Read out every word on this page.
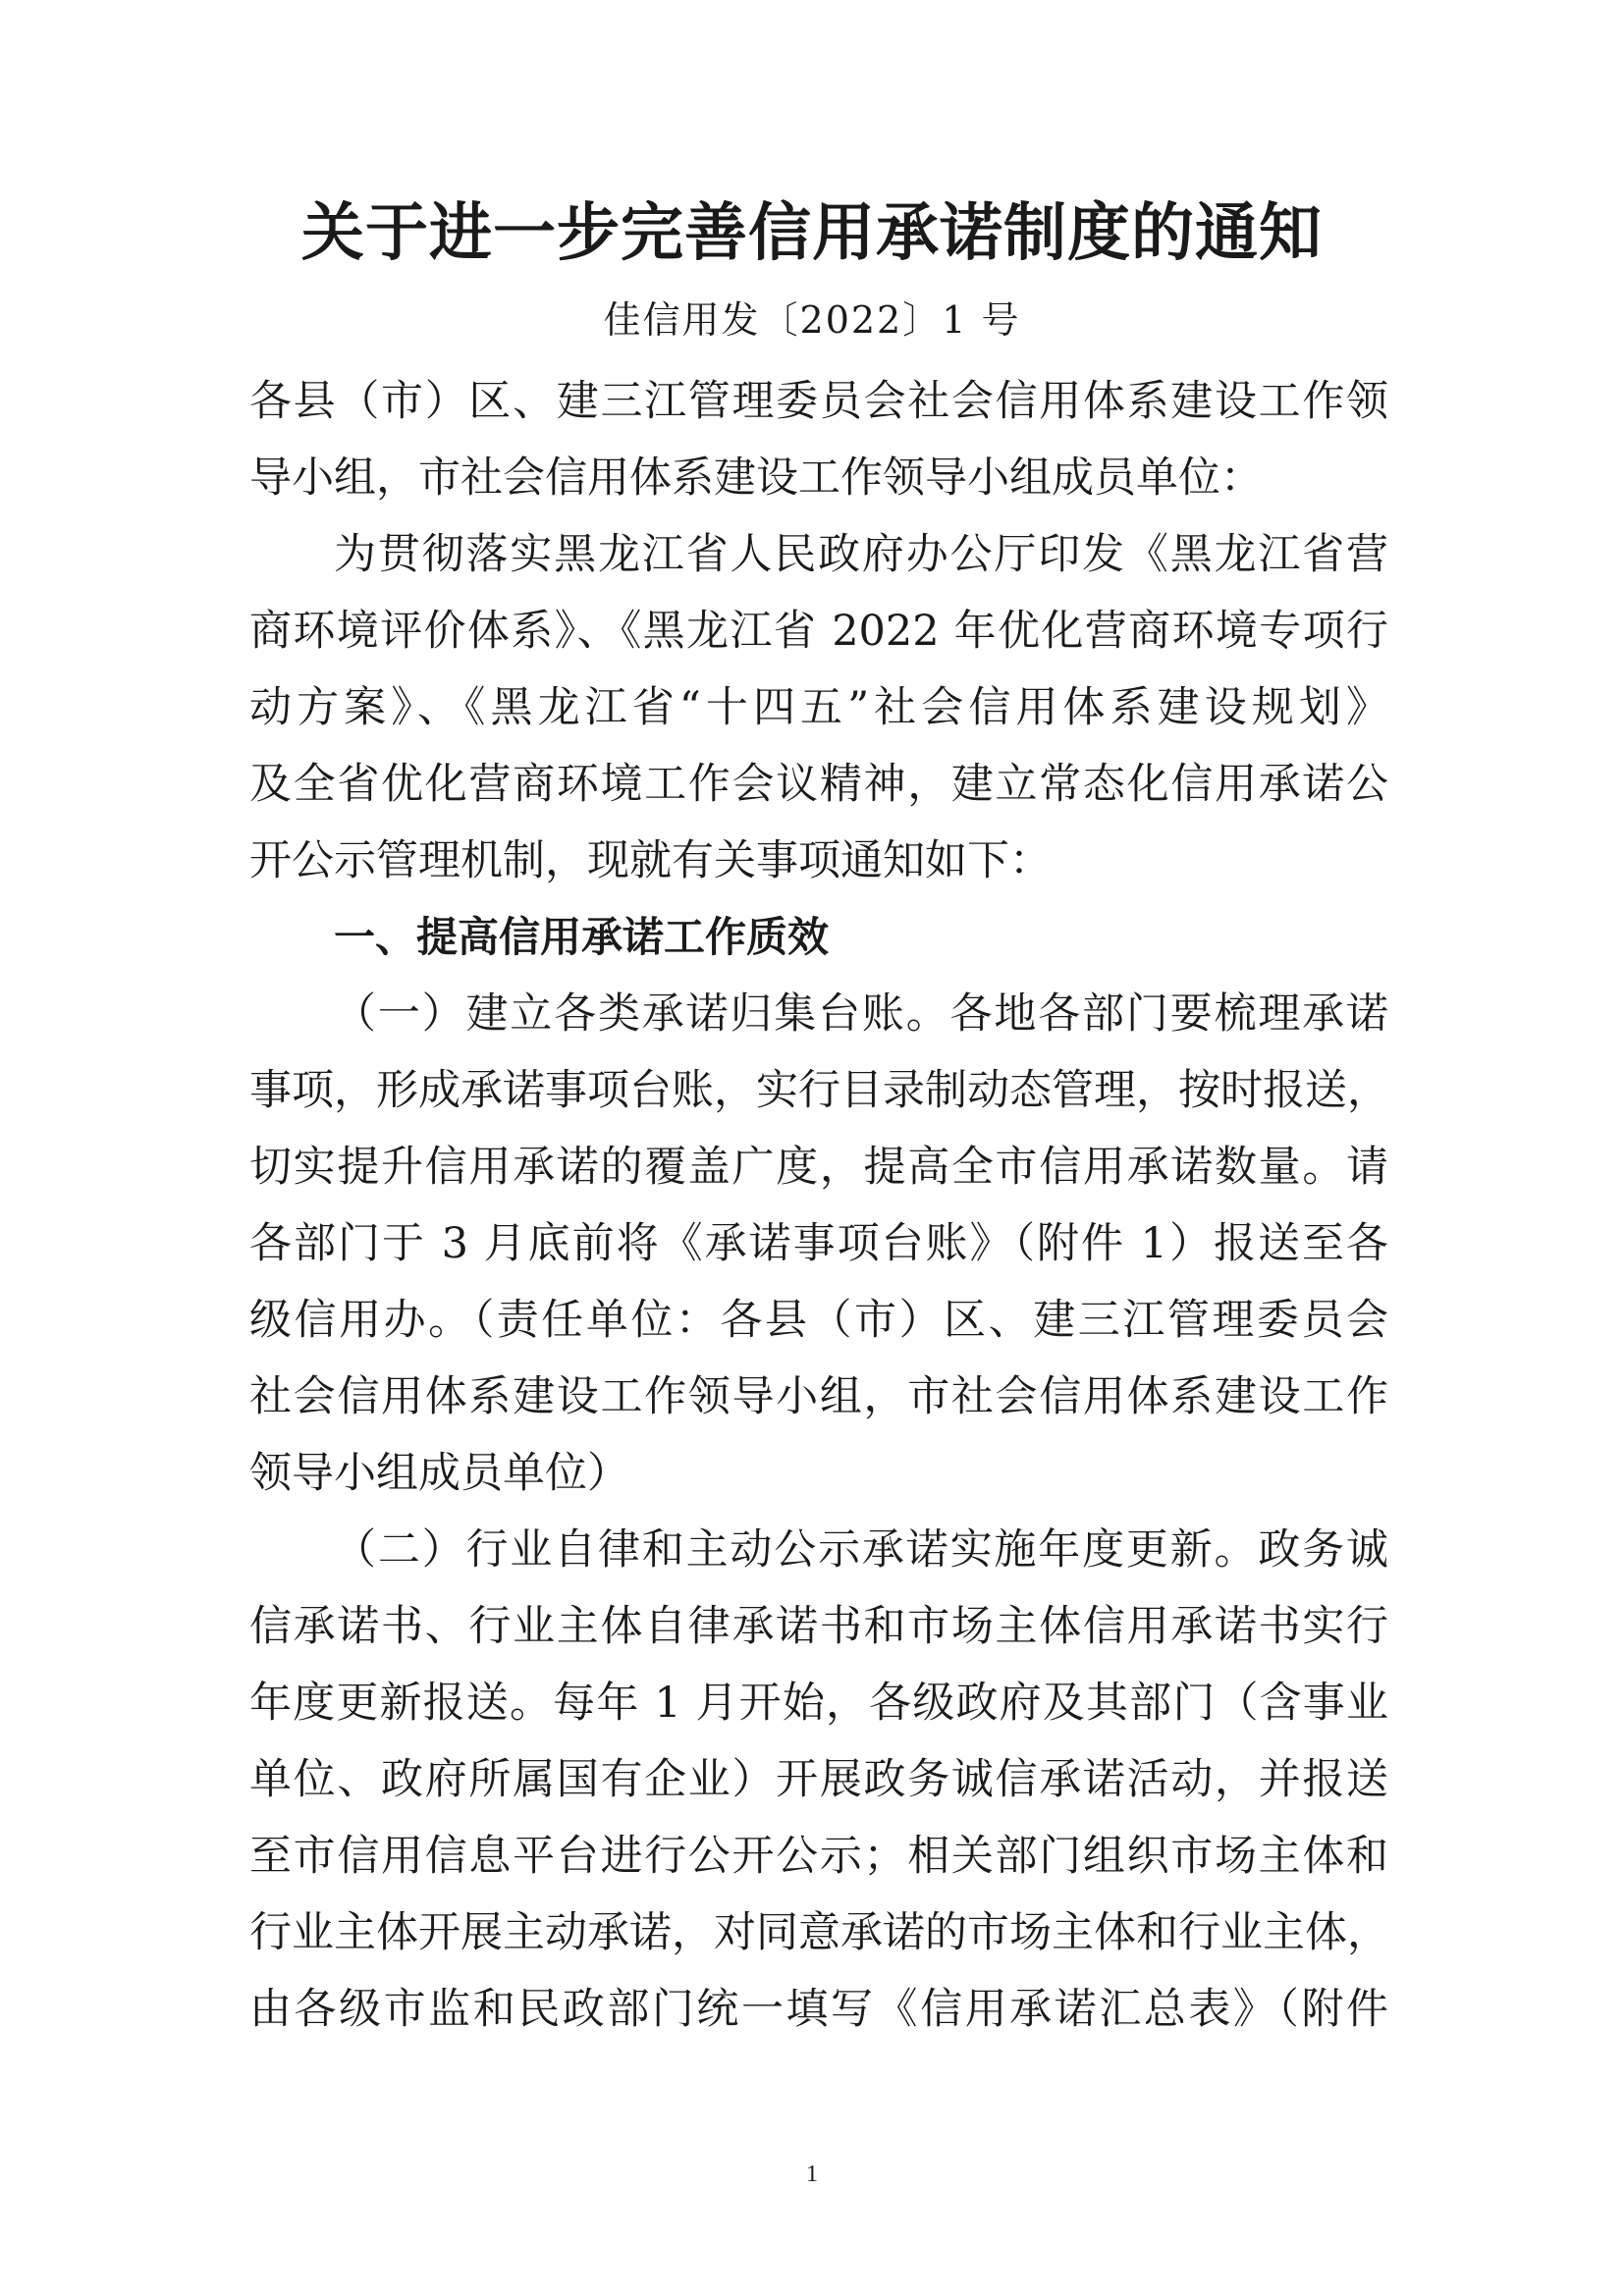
关于进一步完善信用承诺制度的通知
佳信用发〔2022〕1 号
各县（市）区、建三江管理委员会社会信用体系建设工作领
导小组，市社会信用体系建设工作领导小组成员单位：
为贯彻落实黑龙江省人民政府办公厅印发《黑龙江省营
商环境评价体系》、《黑龙江省 2022 年优化营商环境专项行
动方案》、《黑龙江省“十四五”社会信用体系建设规划》
及全省优化营商环境工作会议精神，建立常态化信用承诺公
开公示管理机制，现就有关事项通知如下：
一、提高信用承诺工作质效
（一）建立各类承诺归集台账。各地各部门要梳理承诺
事项，形成承诺事项台账，实行目录制动态管理，按时报送，
切实提升信用承诺的覆盖广度，提高全市信用承诺数量。请
各部门于 3 月底前将《承诺事项台账》（附件 1）报送至各
级信用办。（责任单位：各县（市）区、建三江管理委员会
社会信用体系建设工作领导小组，市社会信用体系建设工作
领导小组成员单位）
（二）行业自律和主动公示承诺实施年度更新。政务诚
信承诺书、行业主体自律承诺书和市场主体信用承诺书实行
年度更新报送。每年 1 月开始，各级政府及其部门（含事业
单位、政府所属国有企业）开展政务诚信承诺活动，并报送
至市信用信息平台进行公开公示；相关部门组织市场主体和
行业主体开展主动承诺，对同意承诺的市场主体和行业主体，
由各级市监和民政部门统一填写《信用承诺汇总表》（附件
1
